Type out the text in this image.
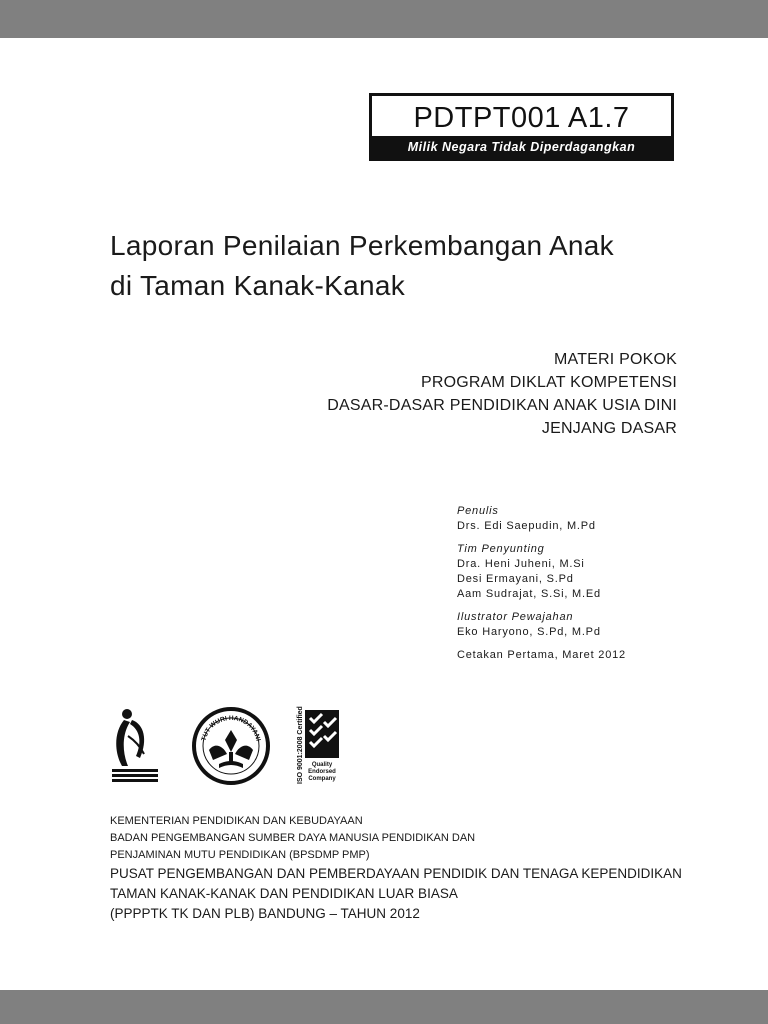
PDTPT001 A1.7
Milik Negara Tidak Diperdagangkan
Laporan Penilaian Perkembangan Anak
di Taman Kanak-Kanak
MATERI POKOK
PROGRAM DIKLAT KOMPETENSI
DASAR-DASAR PENDIDIKAN ANAK USIA DINI
JENJANG DASAR
Penulis
Drs. Edi Saepudin, M.Pd
Tim Penyunting
Dra. Heni Juheni, M.Si
Desi Ermayani, S.Pd
Aam Sudrajat, S.Si, M.Ed
Ilustrator Pewajahan
Eko Haryono, S.Pd, M.Pd
Cetakan Pertama, Maret 2012
TUT WURI HANDAYANI	ISO 9001:2008 Certified Quality
Endorsed
Company
KEMENTERIAN PENDIDIKAN DAN KEBUDAYAAN
BADAN PENGEMBANGAN SUMBER DAYA MANUSIA PENDIDIKAN DAN
PENJAMINAN MUTU PENDIDIKAN (BPSDMP PMP)
PUSAT PENGEMBANGAN DAN PEMBERDAYAAN PENDIDIK DAN TENAGA KEPENDIDIKAN
TAMAN KANAK-KANAK DAN PENDIDIKAN LUAR BIASA
(PPPPTK TK DAN PLB) BANDUNG – TAHUN 2012
